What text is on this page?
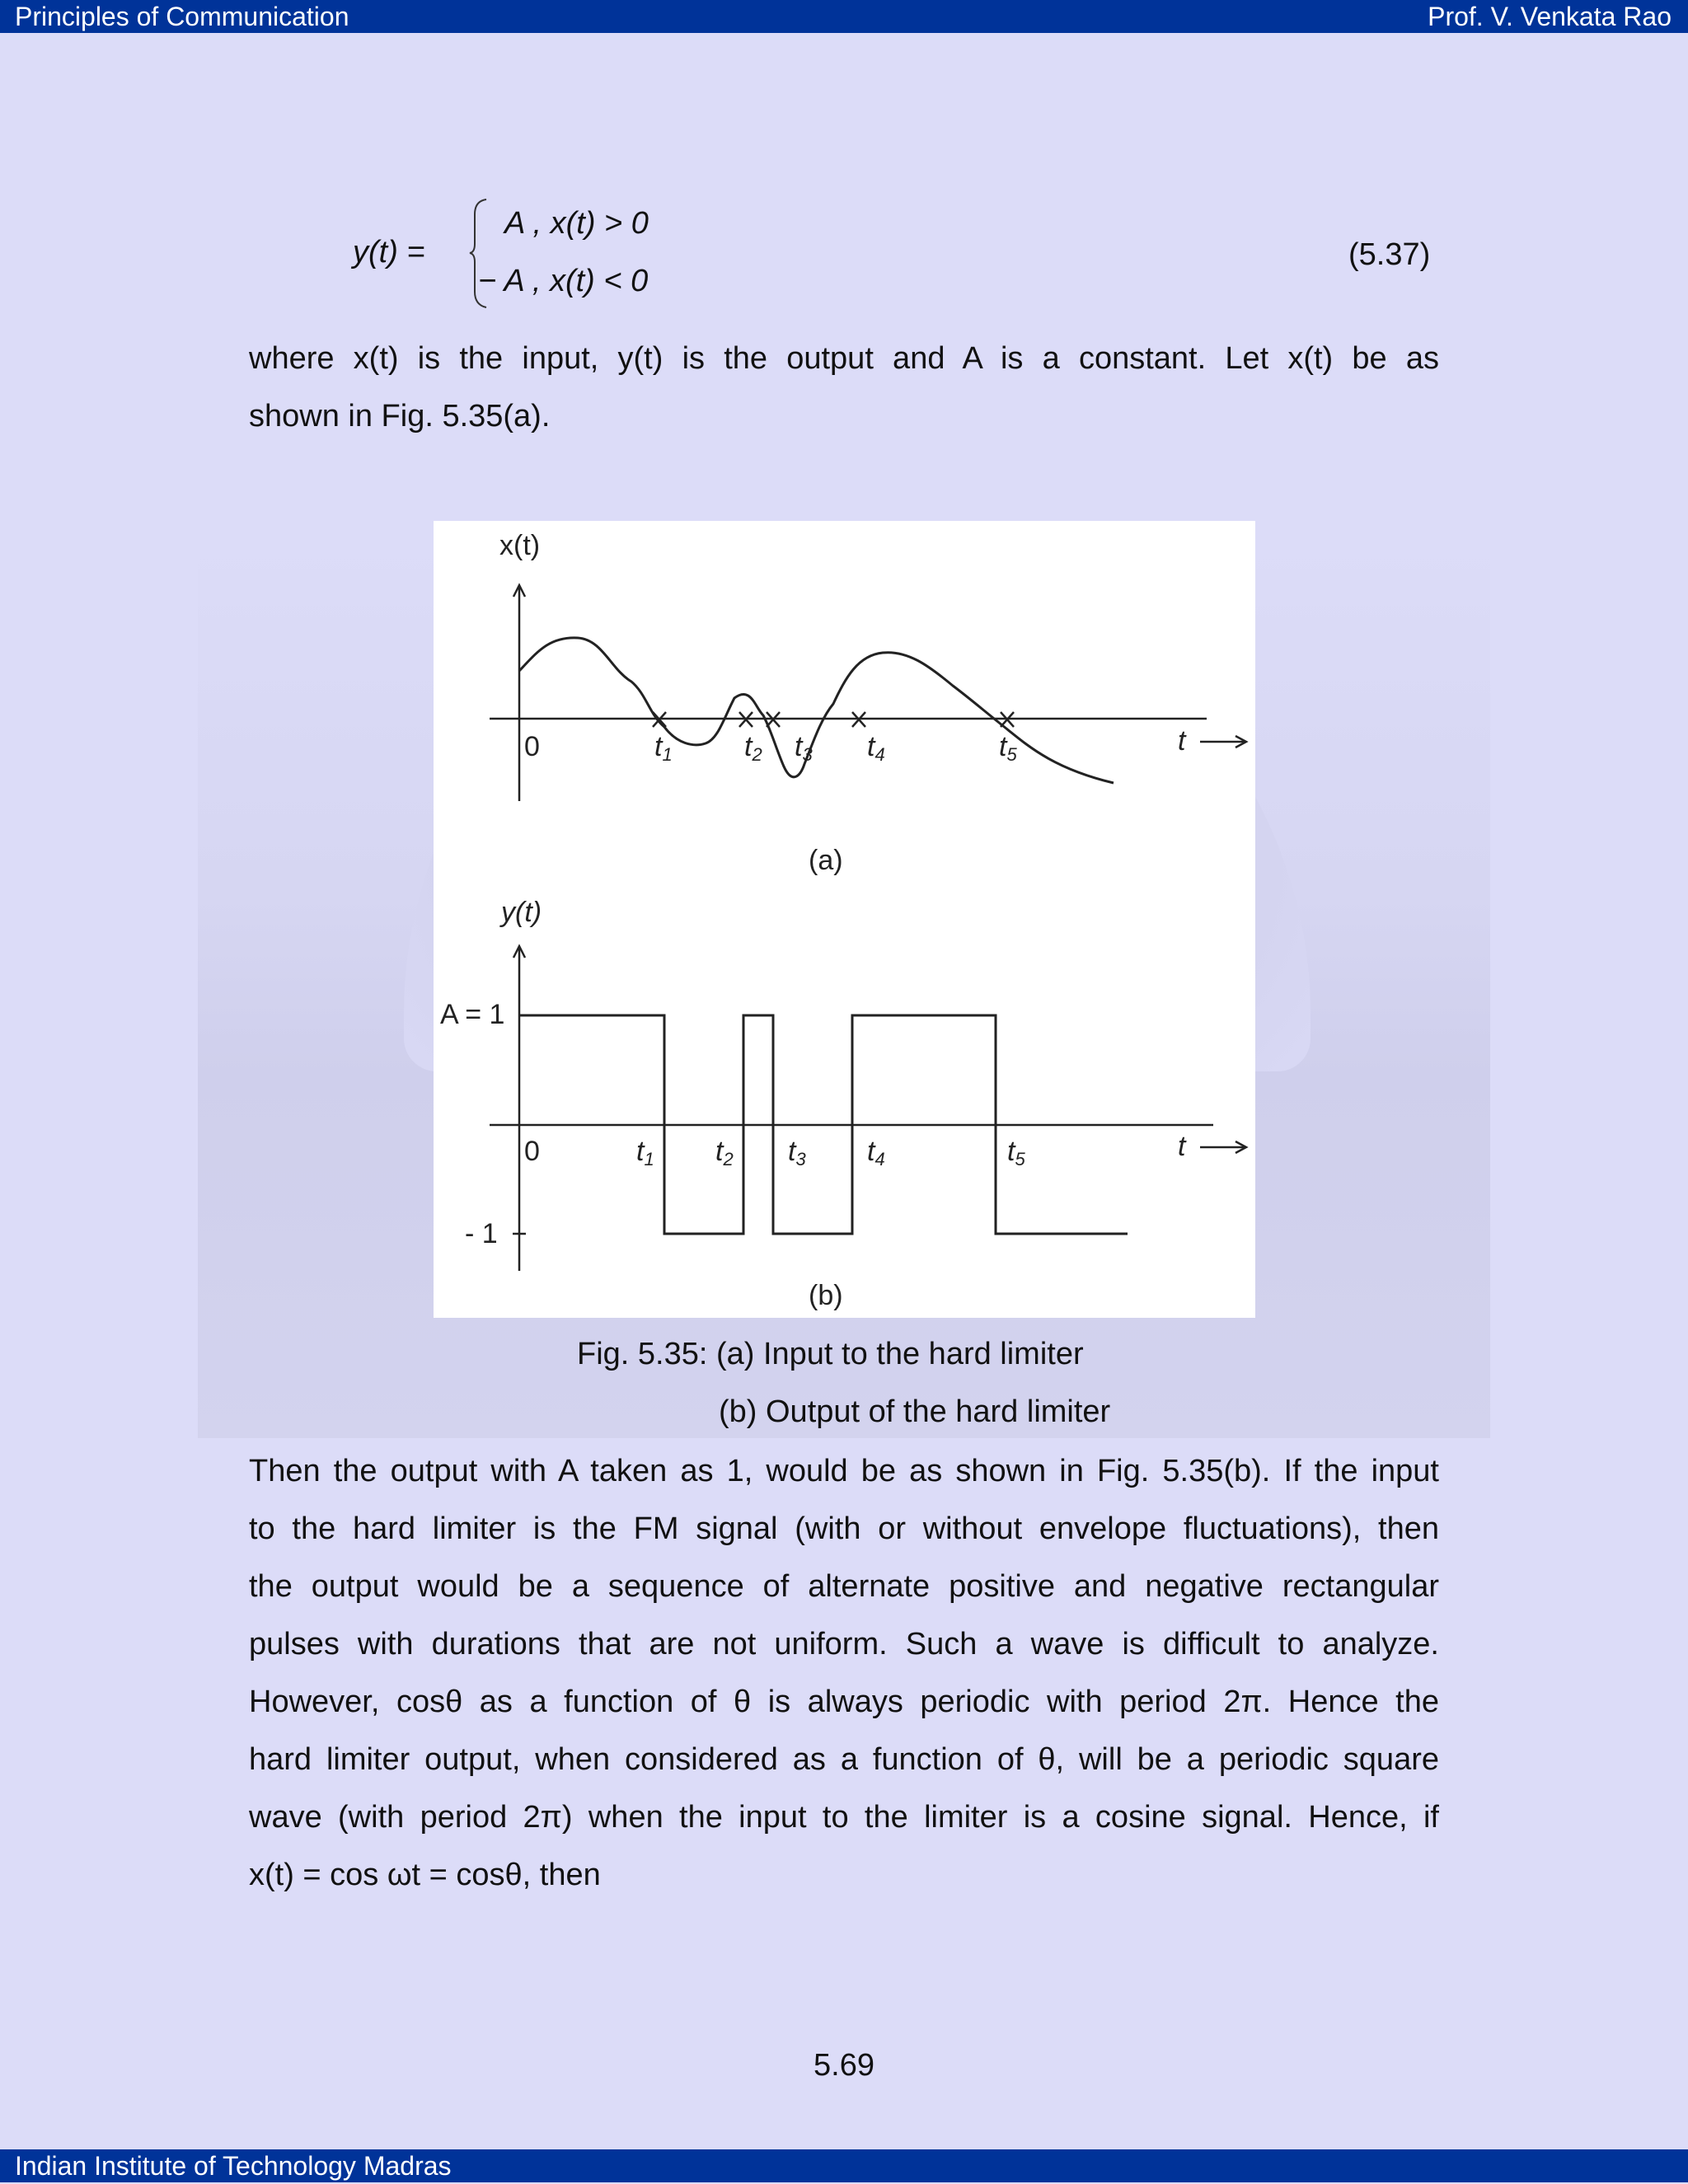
Principles of Communication	Prof. V. Venkata Rao
y(t) =
A , x(t) > 0
− A , x(t) < 0
(5.37)
where x(t) is the input, y(t) is the output and A is a constant. Let x(t) be as
shown in Fig. 5.35(a).
x(t)
0	t1	t2 t3 t4	t5	t
(a)
y(t)
A = 1
- 1
0	t1 t2 t3 t4	t5	t
(b)
Fig. 5.35: (a) Input to the hard limiter
(b) Output of the hard limiter
Then the output with A taken as 1, would be as shown in Fig. 5.35(b). If the input
to the hard limiter is the FM signal (with or without envelope fluctuations), then
the output would be a sequence of alternate positive and negative rectangular
pulses with durations that are not uniform. Such a wave is difficult to analyze.
However, cosθ as a function of θ is always periodic with period 2π. Hence the
hard limiter output, when considered as a function of θ, will be a periodic square
wave (with period 2π) when the input to the limiter is a cosine signal. Hence, if
x(t) = cos ωt = cosθ, then
5.69
Indian Institute of Technology Madras
